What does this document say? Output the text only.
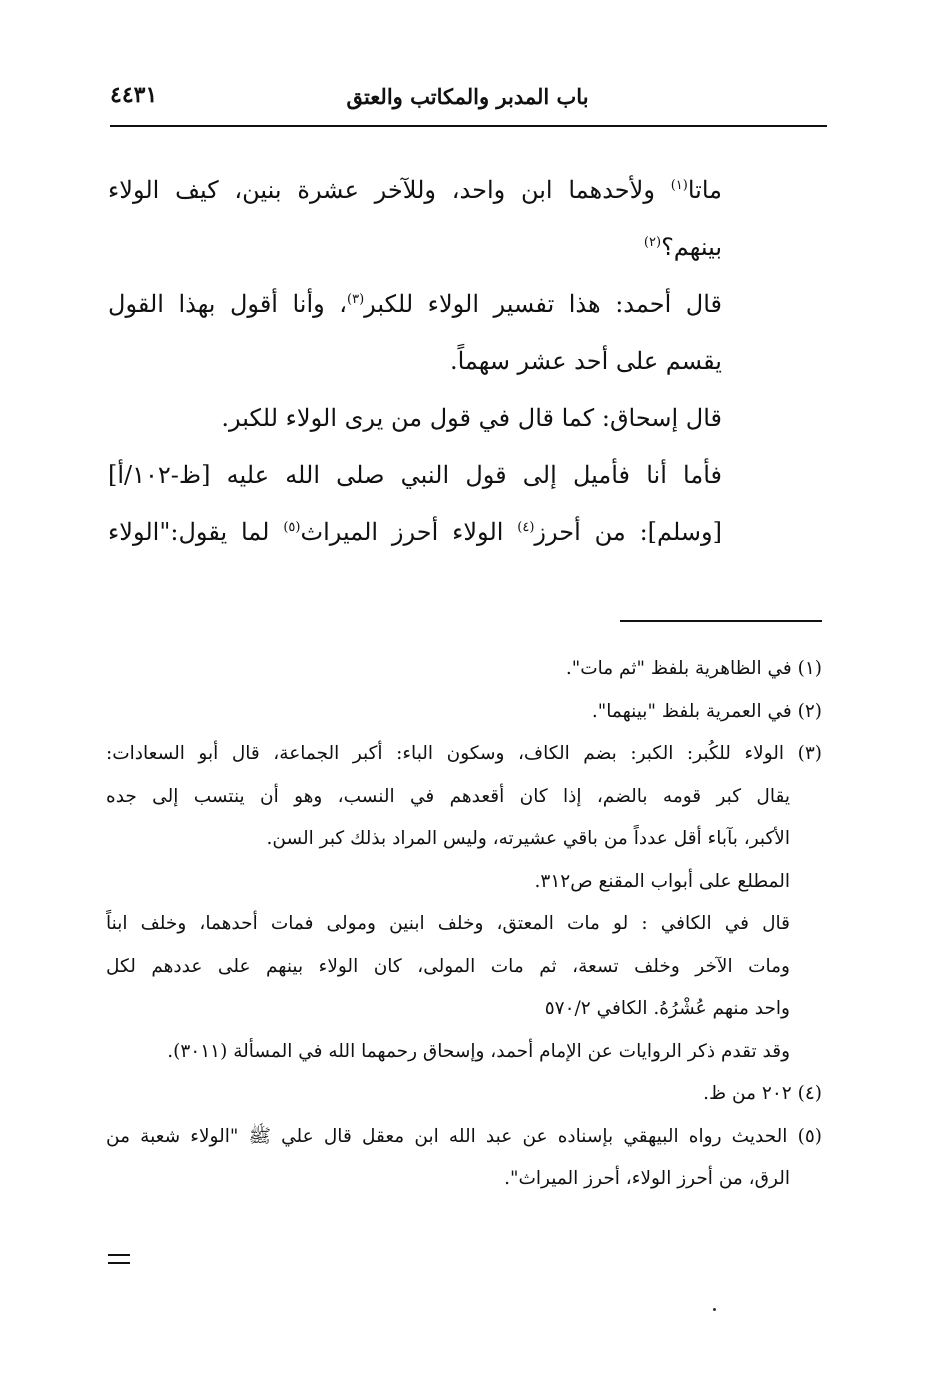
باب المدبر والمكاتب والعتق
٤٤٣١
ماتا$^{(١)}$ ولأحدهما ابن واحد، وللآخر عشرة بنين، كيف الولاء
بينهم؟$^{(٢)}$
قال أحمد: هذا تفسير الولاء للكبر$^{(٣)}$، وأنا أقول بهذا القول
يقسم على أحد عشر سهماً.
قال إسحاق: كما قال في قول من يرى الولاء للكبر.
فأما أنا فأميل إلى قول النبي صلى الله عليه [ظ-١٠٢/أ]
[وسلم]: من أحرز$^{(٤)}$ الولاء أحرز الميراث$^{(٥)}$ لما يقول:"الولاء
(١) في الظاهرية بلفظ "ثم مات".
(٢) في العمرية بلفظ "بينهما".
(٣) الولاء للكُبر: الكبر: بضم الكاف، وسكون الباء: أكبر الجماعة، قال أبو السعادات:
يقال كبر قومه بالضم، إذا كان أقعدهم في النسب، وهو أن ينتسب إلى جده
الأكبر، بآباء أقل عدداً من باقي عشيرته، وليس المراد بذلك كبر السن.
المطلع على أبواب المقنع ص٣١٢.
قال في الكافي : لو مات المعتق، وخلف ابنين ومولى فمات أحدهما، وخلف ابناً
ومات الآخر وخلف تسعة، ثم مات المولى، كان الولاء بينهم على عددهم لكل
واحد منهم عُشْرُهُ. الكافي ٥٧٠/٢
وقد تقدم ذكر الروايات عن الإمام أحمد، وإسحاق رحمهما الله في المسألة (٣٠١١).
(٤) ٢٠٢ من ظ.
(٥) الحديث رواه البيهقي بإسناده عن عبد الله ابن معقل قال علي ﷺ "الولاء شعبة من
الرق، من أحرز الولاء، أحرز الميراث".
